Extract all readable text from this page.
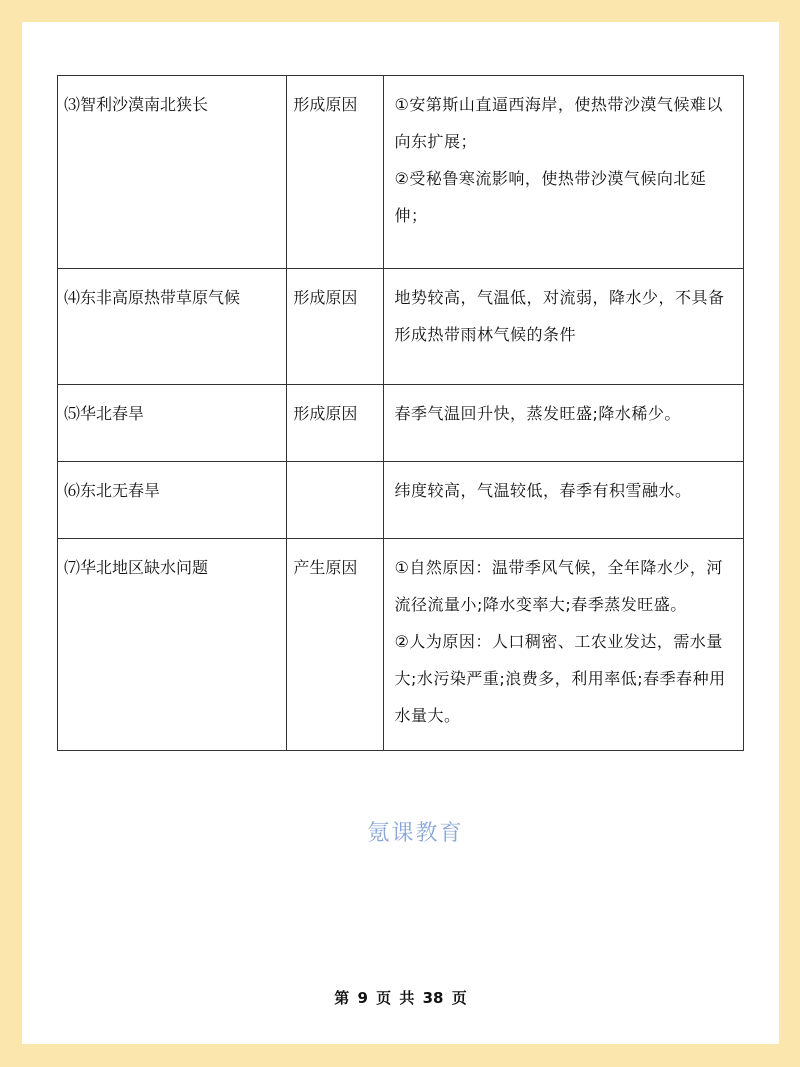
⑶智利沙漠南北狭长	形成原因	①安第斯山直逼西海岸，使热带沙漠气候难以向东扩展；

②受秘鲁寒流影响，使热带沙漠气候向北延伸；

⑷东非高原热带草原气候	形成原因	地势较高，气温低，对流弱，降水少，不具备形成热带雨林气候的条件

⑸华北春旱	形成原因	春季气温回升快，蒸发旺盛;降水稀少。

⑹东北无春旱		纬度较高，气温较低，春季有积雪融水。

⑺华北地区缺水问题	产生原因	①自然原因：温带季风气候，全年降水少，河流径流量小;降水变率大;春季蒸发旺盛。

②人为原因：人口稠密、工农业发达，需水量大;水污染严重;浪费多，利用率低;春季春种用水量大。

氪课教育
第 9 页 共 38 页
